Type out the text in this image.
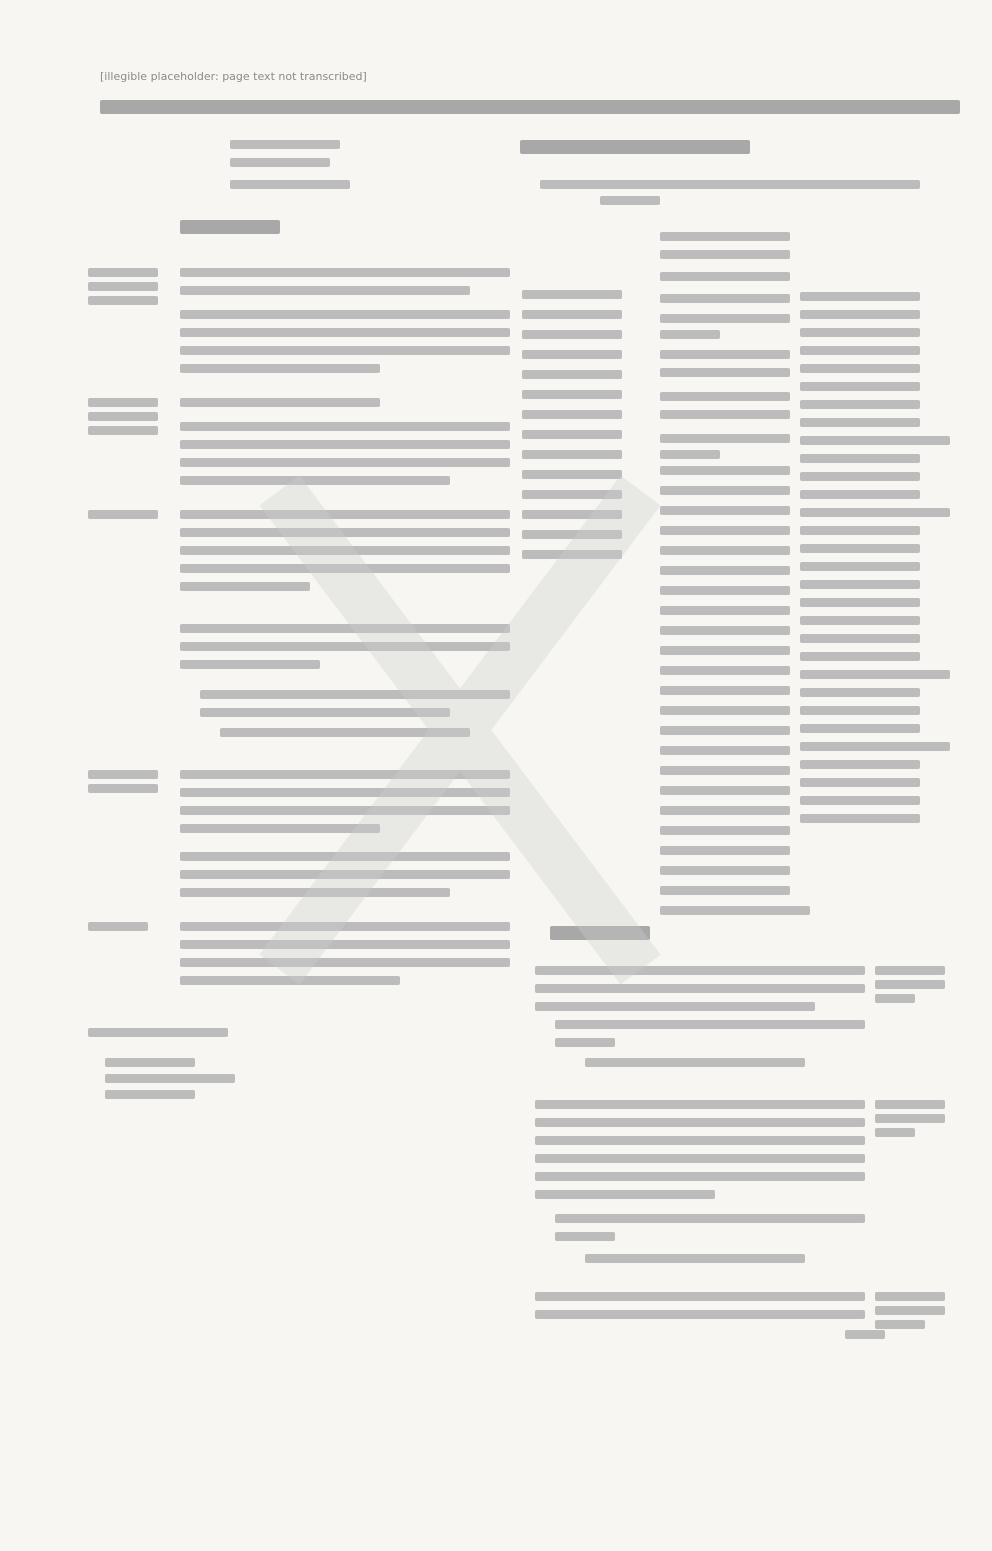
[illegible placeholder: page text not transcribed]
